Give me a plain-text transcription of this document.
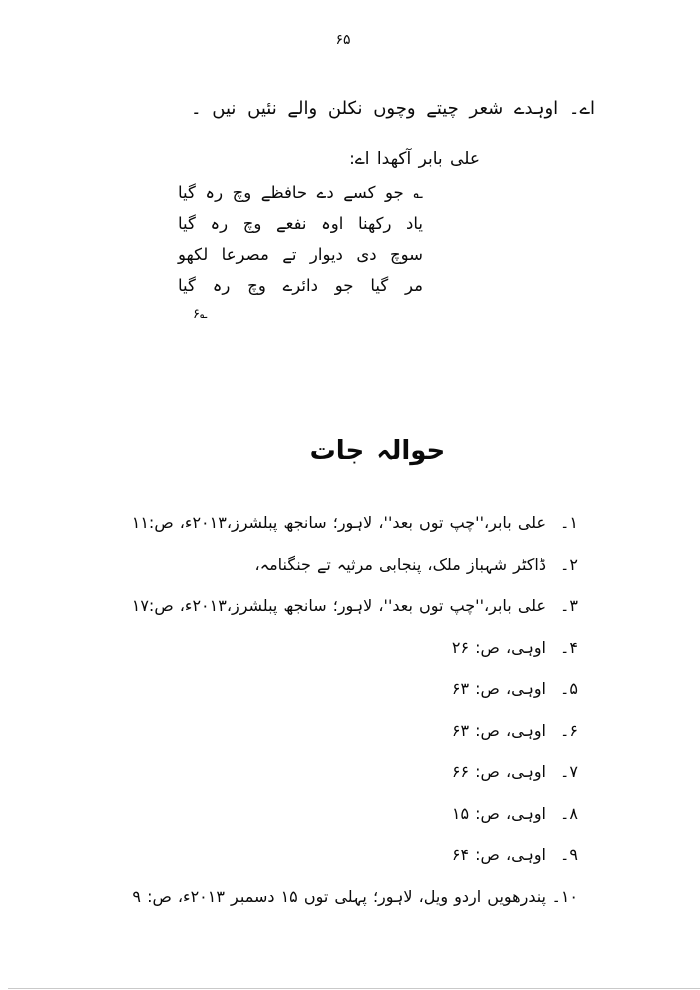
۶۵
اے۔ اوہدے شعر چیتے وچوں نکلن والے نئیں نیں ۔
علی بابر آکھدا اے:
؎ جو کسے دے حافظے وچ رہ گیا
یاد رکھنا اوہ نفعے وچ رہ گیا
سوچ دی دیوار تے مصرعا لکھو
مر گیا جو دائرے وچ رہ گیا
؎۶
حوالہ جات
۱۔
علی بابر،''چپ توں بعد''، لاہور؛ سانجھ پبلشرز،۲۰۱۳ء، ص:۱۱
۲۔
ڈاکٹر شہباز ملک، پنجابی مرثیہ تے جنگنامہ،
۳۔
علی بابر،''چپ توں بعد''، لاہور؛ سانجھ پبلشرز،۲۰۱۳ء، ص:۱۷
۴۔
اوہی، ص: ۲۶
۵۔
اوہی، ص: ۶۳
۶۔
اوہی، ص: ۶۳
۷۔
اوہی، ص: ۶۶
۸۔
اوہی، ص: ۱۵
۹۔
اوہی، ص: ۶۴
۱۰۔
پندرھویں اردو ویل، لاہور؛ پہلی توں ۱۵ دسمبر ۲۰۱۳ء، ص: ۹
